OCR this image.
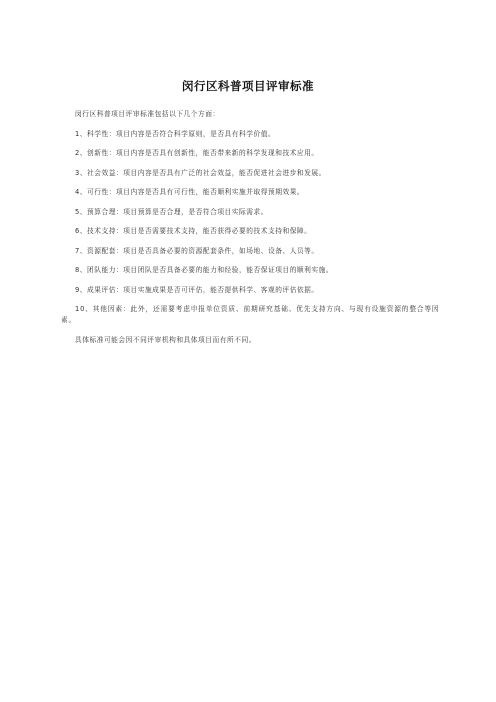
闵行区科普项目评审标准

闵行区科普项目评审标准包括以下几个方面：

1、科学性：项目内容是否符合科学原则，是否具有科学价值。

2、创新性：项目内容是否具有创新性，能否带来新的科学发现和技术应用。

3、社会效益：项目内容是否具有广泛的社会效益，能否促进社会进步和发展。

4、可行性：项目内容是否具有可行性，能否顺利实施并取得预期效果。

5、预算合理：项目预算是否合理，是否符合项目实际需求。

6、技术支持：项目是否需要技术支持，能否获得必要的技术支持和保障。

7、资源配套：项目是否具备必要的资源配套条件，如场地、设备、人员等。

8、团队能力：项目团队是否具备必要的能力和经验，能否保证项目的顺利实施。

9、成果评估：项目实施成果是否可评估，能否提供科学、客观的评估依据。

10、其他因素：此外，还需要考虑申报单位资质、前期研究基础、优先支持方向、与现有设施资源的整合等因素。

具体标准可能会因不同评审机构和具体项目而有所不同。
